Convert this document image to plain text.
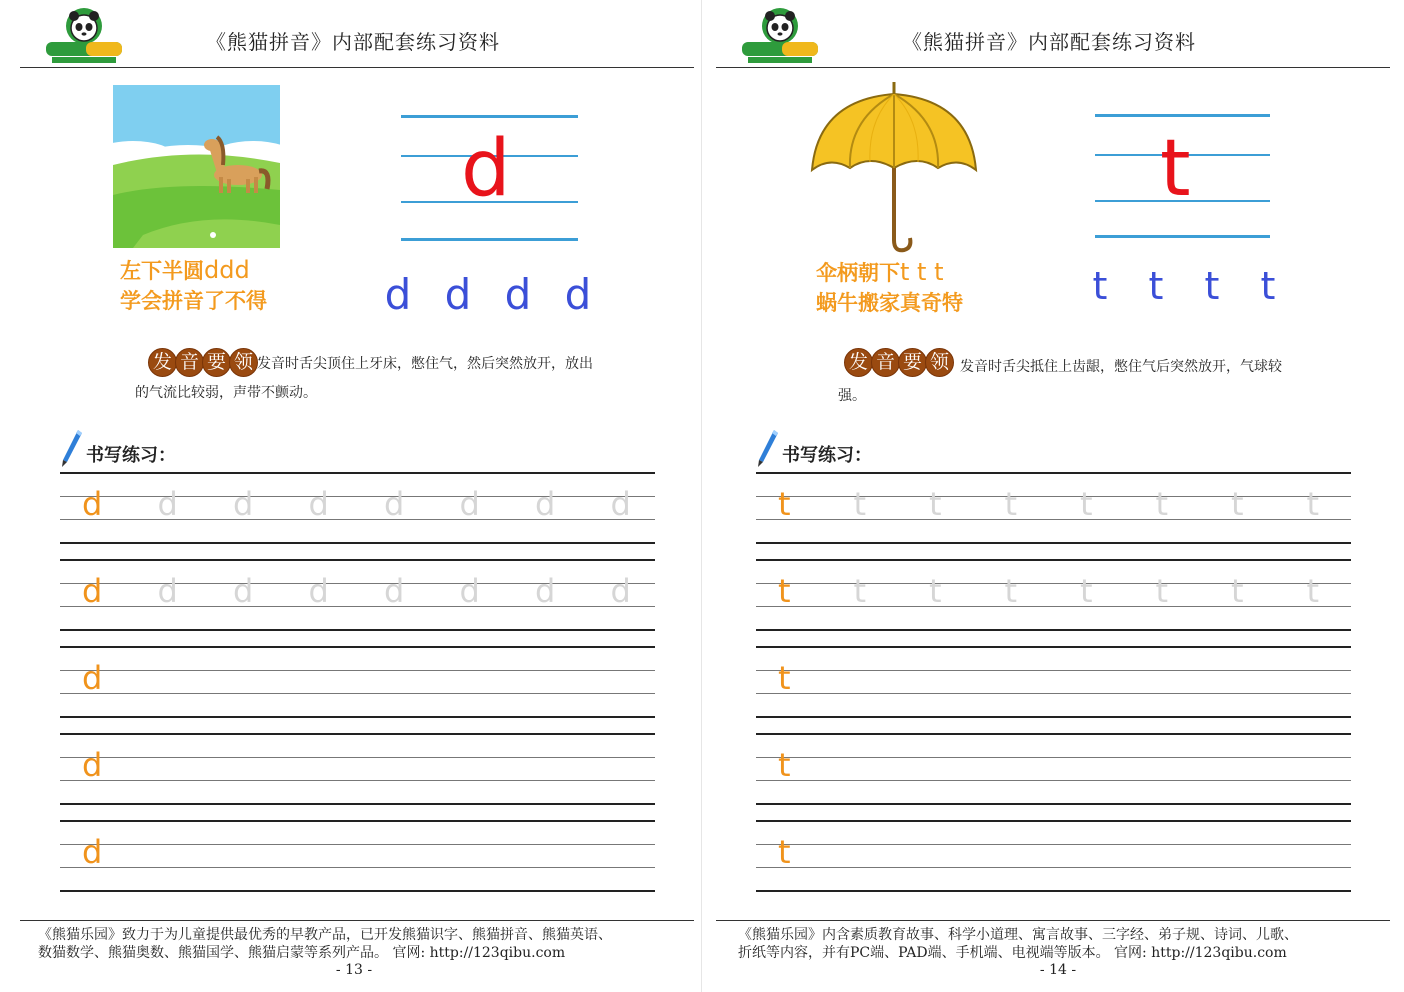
《熊猫拼音》内部配套练习资料
左下半圆ddd
学会拼音了不得
d
d d d d
发 音 要 领 发音时舌尖顶住上牙床，憋住气，然后突然放开，放出的气流比较弱，声带不颤动。
书写练习：
d d d d d d d d
d d d d d d d d
d
d
d
《熊猫乐园》致力于为儿童提供最优秀的早教产品，已开发熊猫识字、熊猫拼音、熊猫英语、
数猫数学、熊猫奥数、熊猫国学、熊猫启蒙等系列产品。 官网: http://123qibu.com
- 13 -
《熊猫拼音》内部配套练习资料
伞柄朝下t t t
蜗牛搬家真奇特
t
t	t	t	t
发 音 要 领 发音时舌尖抵住上齿龈，憋住气后突然放开，气球较强。
书写练习：
t t t t t t t t
t t t t t t t t
t
t
t
《熊猫乐园》内含素质教育故事、科学小道理、寓言故事、三字经、弟子规、诗词、儿歌、
折纸等内容，并有PC端、PAD端、手机端、电视端等版本。 官网: http://123qibu.com
- 14 -
